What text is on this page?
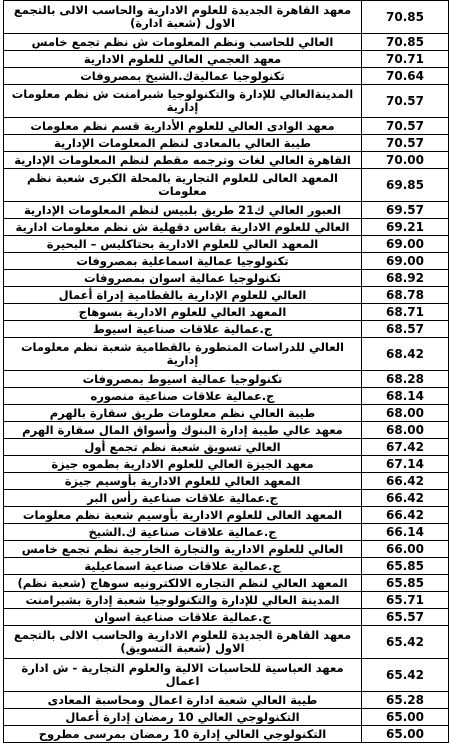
معهد القاهرة الجديدة للعلوم الادارية والحاسب الالى بالتجمع الاول (شعبة ادارة)	70.85
العالي للحاسب ونظم المعلومات ش نظم تجمع خامس	70.85
معهد العجمي العالي للعلوم الادارية	70.71
تكنولوجيا عماليةك.الشيخ بمصروفات	70.64
المدينةالعالي للإدارة والتكنولوجيا شبرامنت ش نظم معلومات إدارية	70.57
معهد الوادى العالي للعلوم الأدارية قسم نظم معلومات	70.57
طيبة العالي بالمعادى لنظم المعلومات الإدارية	70.57
القاهرة العالي لغات وترجمه مقطم لنظم المعلومات الإدارية	70.00
المعهد العالى للعلوم التجارية بالمحلة الكبرى شعبة نظم معلومات	69.85
العبور العالي ك21 طريق بلبيس لنظم المعلومات الإدارية	69.57
العالي للعلوم الادارية بقاس دقهلية ش نظم معلومات ادارية	69.21
المعهد العالي للعلوم الادارية بحتاكليس – البحيرة	69.00
تكنولوجيا عمالية اسماعلية بمصروفات	69.00
تكنولوجيا عمالية اسوان بمصروفات	68.92
العالي للعلوم الإدارية بالقطامية إدراة أعمال	68.78
المعهد العالي للعلوم الادارية بسوهاج	68.71
ج.عمالية علاقات صناعية اسيوط	68.57
العالي للدراسات المتطورة بالقطامية شعبة نظم معلومات إدارية	68.42
تكنولوجيا عمالية اسيوط بمصروفات	68.28
ج.عمالية علاقات صناعية منصوره	68.14
طيبة العالي نظم معلومات طريق سقارة بالهرم	68.00
معهد عالي طيبة إدارة البنوك وأسواق المال سقارة الهرم	68.00
العالي تسويق شعبة نظم تجمع أول	67.42
معهد الجيزة العالي للعلوم الادارية بطموه جيزة	67.14
المعهد العالي للعلوم الادارية بأوسيم جيزة	66.42
ج.عمالية علاقات صناعية رأس البر	66.42
المعهد العالى للعلوم الادارية بأوسيم شعبة نظم معلومات	66.42
ج.عمالية علاقات صناعية ك.الشيخ	66.14
العالي للعلوم الادارية والتجارة الخارجية نظم تجمع خامس	66.00
ج.عمالية علاقات صناعية اسماعيلية	65.85
المعهد العالي لنظم التجاره الالكترونيه سوهاج (شعبة نظم)	65.85
المدينة العالي للإدارة والتكنولوجيا شعبة إدارة بشبرامنت	65.71
ج.عمالية علاقات صناعية اسوان	65.57
معهد القاهرة الجديدة للعلوم الادارية والحاسب الالى بالتجمع الاول (شعبة التسويق)	65.42
معهد العباسية للحاسبات الالية والعلوم التجارية - ش ادارة اعمال	65.42
طيبة العالي شعبة ادارة اعمال ومحاسبة المعادى	65.28
التكنولوجي العالي 10 رمضان إدارة أعمال	65.00
التكنولوجي العالي إدارة 10 رمضان بمرسى مطروح	65.00
